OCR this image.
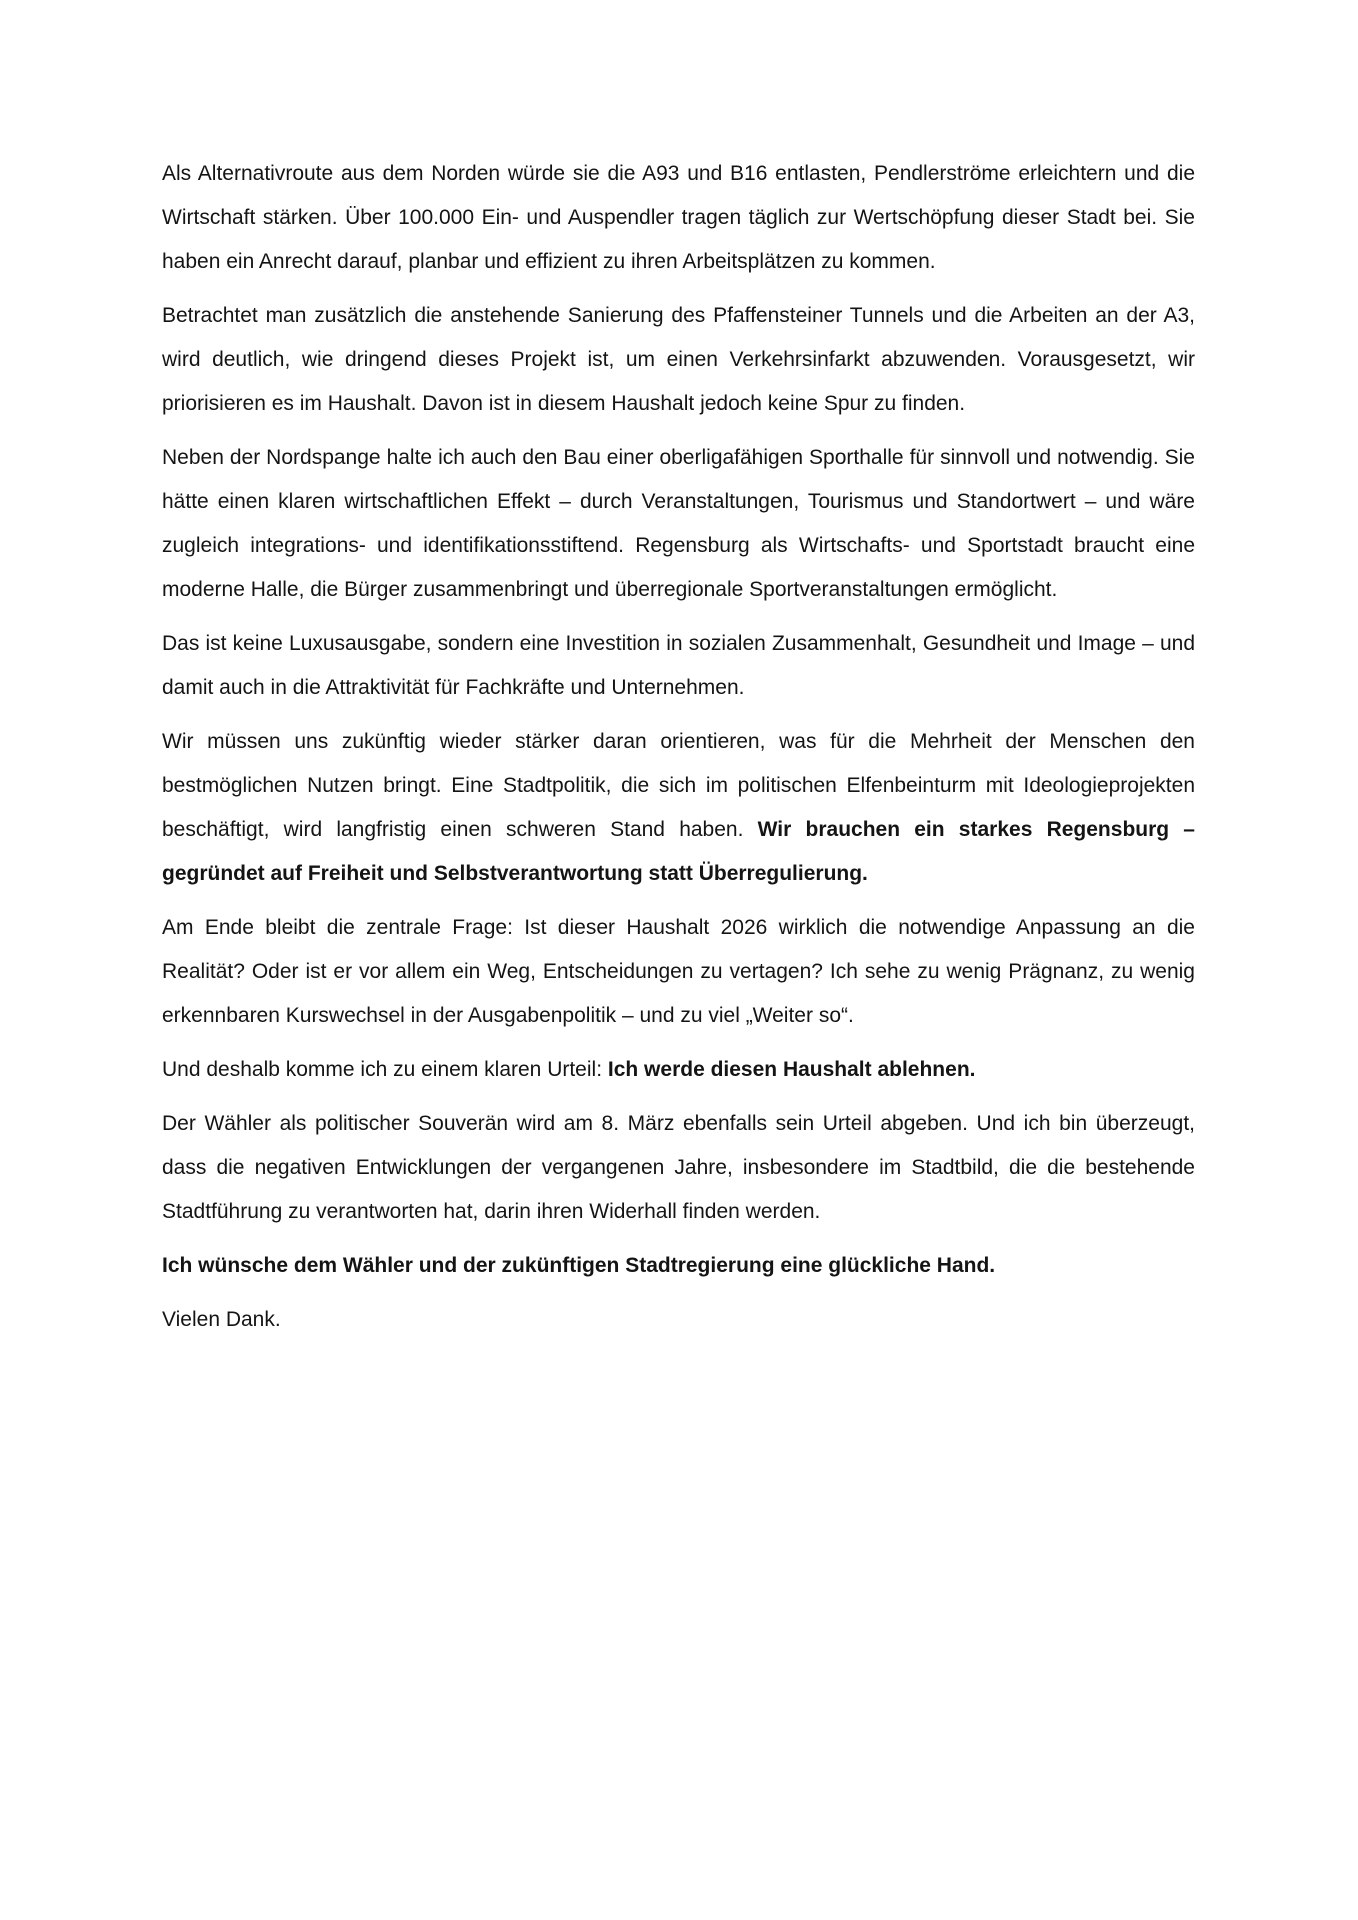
Als Alternativroute aus dem Norden würde sie die A93 und B16 entlasten, Pendlerströme erleichtern und die Wirtschaft stärken. Über 100.000 Ein- und Auspendler tragen täglich zur Wertschöpfung dieser Stadt bei. Sie haben ein Anrecht darauf, planbar und effizient zu ihren Arbeitsplätzen zu kommen.

Betrachtet man zusätzlich die anstehende Sanierung des Pfaffensteiner Tunnels und die Arbeiten an der A3, wird deutlich, wie dringend dieses Projekt ist, um einen Verkehrsinfarkt abzuwenden. Vorausgesetzt, wir priorisieren es im Haushalt. Davon ist in diesem Haushalt jedoch keine Spur zu finden.

Neben der Nordspange halte ich auch den Bau einer oberligafähigen Sporthalle für sinnvoll und notwendig. Sie hätte einen klaren wirtschaftlichen Effekt – durch Veranstaltungen, Tourismus und Standortwert – und wäre zugleich integrations- und identifikationsstiftend. Regensburg als Wirtschafts- und Sportstadt braucht eine moderne Halle, die Bürger zusammenbringt und überregionale Sportveranstaltungen ermöglicht.

Das ist keine Luxusausgabe, sondern eine Investition in sozialen Zusammenhalt, Gesundheit und Image – und damit auch in die Attraktivität für Fachkräfte und Unternehmen.

Wir müssen uns zukünftig wieder stärker daran orientieren, was für die Mehrheit der Menschen den bestmöglichen Nutzen bringt. Eine Stadtpolitik, die sich im politischen Elfenbeinturm mit Ideologieprojekten beschäftigt, wird langfristig einen schweren Stand haben. Wir brauchen ein starkes Regensburg – gegründet auf Freiheit und Selbstverantwortung statt Überregulierung.

Am Ende bleibt die zentrale Frage: Ist dieser Haushalt 2026 wirklich die notwendige Anpassung an die Realität? Oder ist er vor allem ein Weg, Entscheidungen zu vertagen? Ich sehe zu wenig Prägnanz, zu wenig erkennbaren Kurswechsel in der Ausgabenpolitik – und zu viel „Weiter so“.

Und deshalb komme ich zu einem klaren Urteil: Ich werde diesen Haushalt ablehnen.

Der Wähler als politischer Souverän wird am 8. März ebenfalls sein Urteil abgeben. Und ich bin überzeugt, dass die negativen Entwicklungen der vergangenen Jahre, insbesondere im Stadtbild, die die bestehende Stadtführung zu verantworten hat, darin ihren Widerhall finden werden.

Ich wünsche dem Wähler und der zukünftigen Stadtregierung eine glückliche Hand.

Vielen Dank.
